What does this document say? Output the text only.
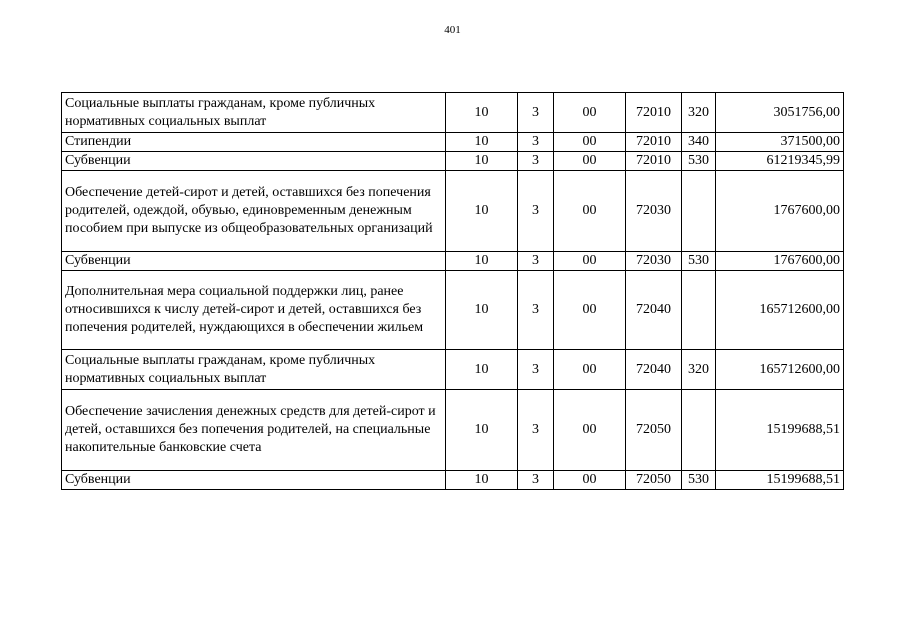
401
Социальные выплаты гражданам, кроме публичных нормативных социальных выплат	10	3	00	72010	320	3051756,00
Стипендии	10	3	00	72010	340	371500,00
Субвенции	10	3	00	72010	530	61219345,99
Обеспечение детей-сирот и детей, оставшихся без попечения родителей, одеждой, обувью, единовременным денежным пособием при выпуске из общеобразовательных организаций	10	3	00	72030		1767600,00
Субвенции	10	3	00	72030	530	1767600,00
Дополнительная мера социальной поддержки лиц, ранее относившихся к числу детей-сирот и детей, оставшихся без попечения родителей, нуждающихся в обеспечении жильем	10	3	00	72040		165712600,00
Социальные выплаты гражданам, кроме публичных нормативных социальных выплат	10	3	00	72040	320	165712600,00
Обеспечение зачисления денежных средств для детей-сирот и детей, оставшихся без попечения родителей, на специальные накопительные банковские счета	10	3	00	72050		15199688,51
Субвенции	10	3	00	72050	530	15199688,51
